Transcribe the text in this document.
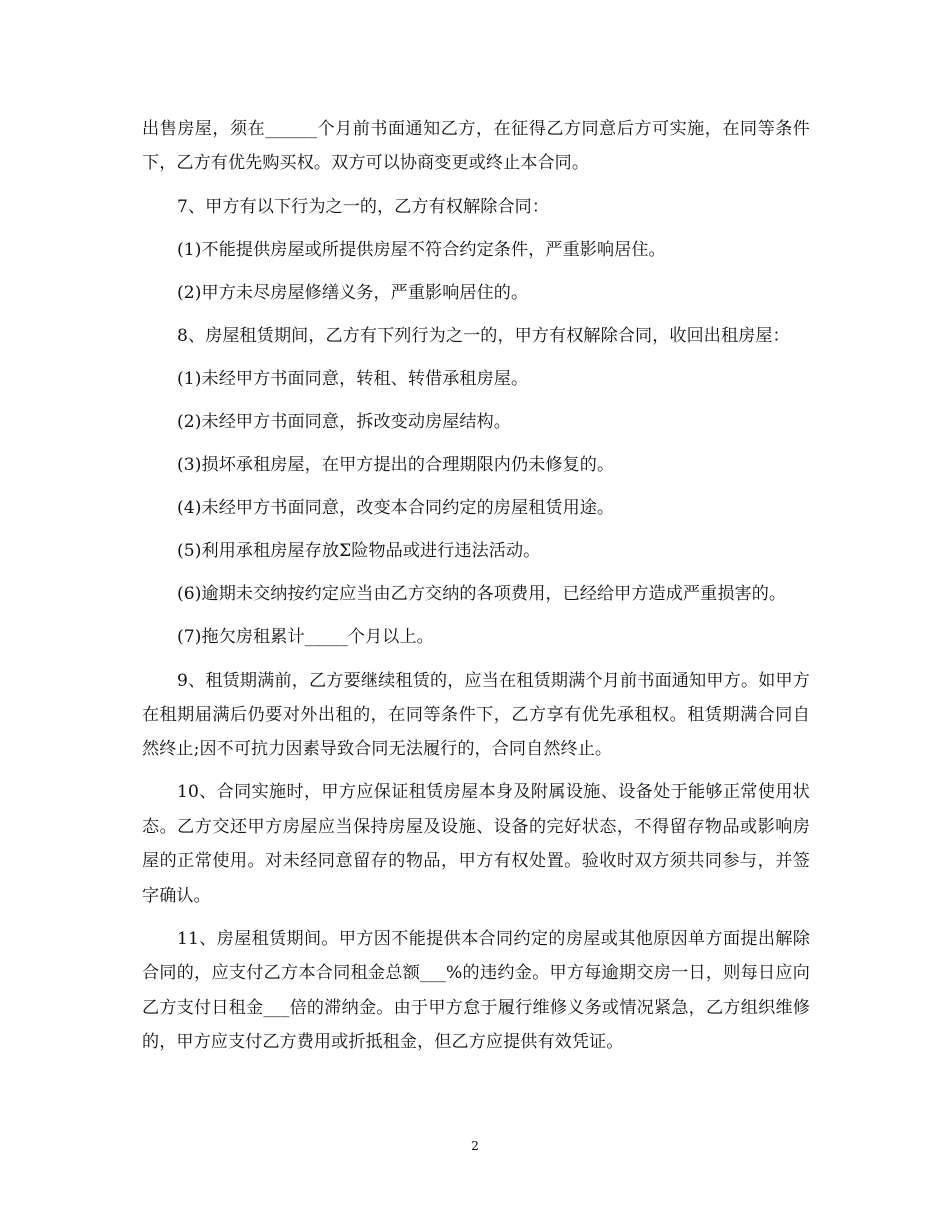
出售房屋，须在______个月前书面通知乙方，在征得乙方同意后方可实施，在同等条件下，乙方有优先购买权。双方可以协商变更或终止本合同。

7、甲方有以下行为之一的，乙方有权解除合同：

(1)不能提供房屋或所提供房屋不符合约定条件，严重影响居住。

(2)甲方未尽房屋修缮义务，严重影响居住的。

8、房屋租赁期间，乙方有下列行为之一的，甲方有权解除合同，收回出租房屋：

(1)未经甲方书面同意，转租、转借承租房屋。

(2)未经甲方书面同意，拆改变动房屋结构。

(3)损坏承租房屋，在甲方提出的合理期限内仍未修复的。

(4)未经甲方书面同意，改变本合同约定的房屋租赁用途。

(5)利用承租房屋存放Σ险物品或进行违法活动。

(6)逾期未交纳按约定应当由乙方交纳的各项费用，已经给甲方造成严重损害的。

(7)拖欠房租累计_____个月以上。

9、租赁期满前，乙方要继续租赁的，应当在租赁期满个月前书面通知甲方。如甲方在租期届满后仍要对外出租的，在同等条件下，乙方享有优先承租权。租赁期满合同自然终止;因不可抗力因素导致合同无法履行的，合同自然终止。

10、合同实施时，甲方应保证租赁房屋本身及附属设施、设备处于能够正常使用状态。乙方交还甲方房屋应当保持房屋及设施、设备的完好状态，不得留存物品或影响房屋的正常使用。对未经同意留存的物品，甲方有权处置。验收时双方须共同参与，并签字确认。

11、房屋租赁期间。甲方因不能提供本合同约定的房屋或其他原因单方面提出解除合同的，应支付乙方本合同租金总额___%的违约金。甲方每逾期交房一日，则每日应向乙方支付日租金___倍的滞纳金。由于甲方怠于履行维修义务或情况紧急，乙方组织维修的，甲方应支付乙方费用或折抵租金，但乙方应提供有效凭证。

2
